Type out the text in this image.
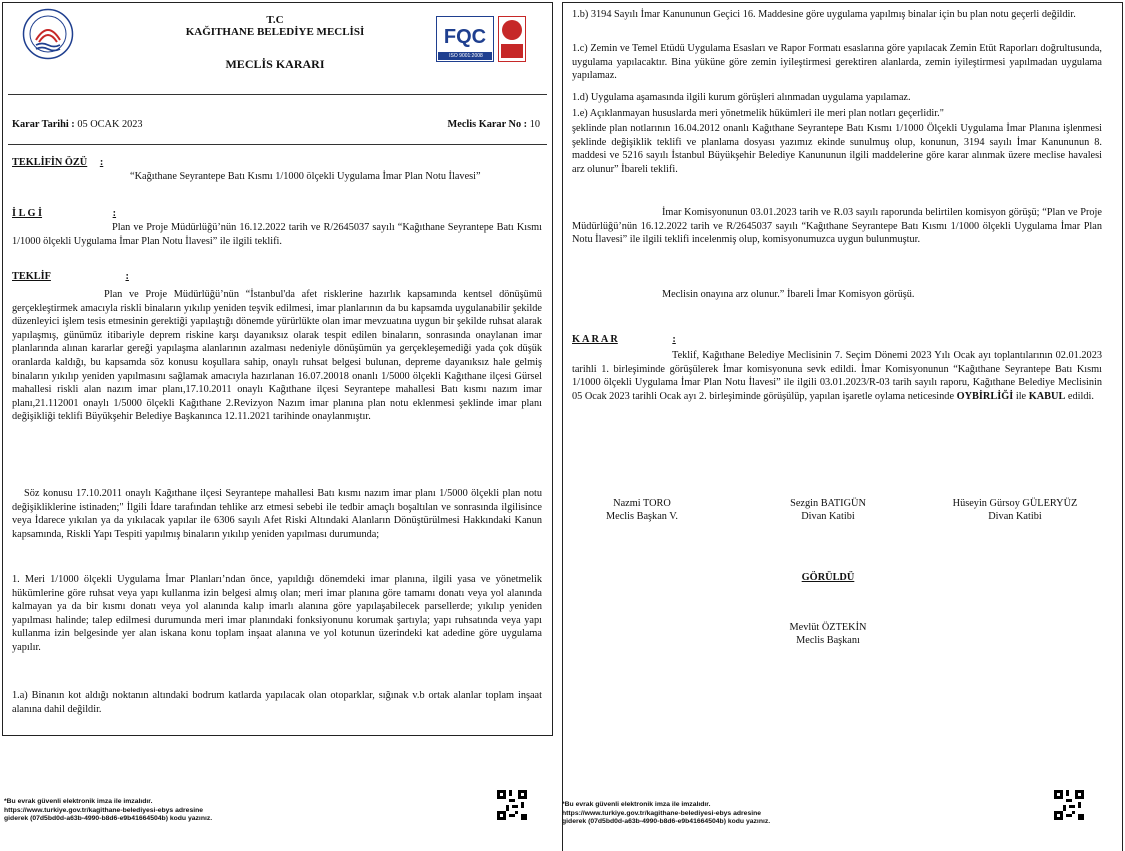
T.C
KAĞITHANE BELEDİYE MECLİSİ
MECLİS KARARI
FQC
ISO 9001:2008
Karar Tarihi : 05 OCAK 2023	Meclis Karar No : 10
TEKLİFİN ÖZÜ :
“Kağıthane Seyrantepe Batı Kısmı 1/1000 ölçekli Uygulama İmar Plan Notu İlavesi”
İ L G İ	:

Plan ve Proje Müdürlüğü’nün 16.12.2022 tarih ve R/2645037 sayılı “Kağıthane Seyrantepe Batı Kısmı 1/1000 ölçekli Uygulama İmar Plan Notu İlavesi” ile ilgili teklifi.

TEKLİF	:

Plan ve Proje Müdürlüğü’nün “İstanbul'da afet risklerine hazırlık kapsamında kentsel dönüşümü gerçekleştirmek amacıyla riskli binaların yıkılıp yeniden teşvik edilmesi, imar planlarının da bu kapsamda uygulanabilir şekilde düzenleyici işlem tesis etmesinin gerektiği yapılaştığı dönemde yürürlükte olan imar mevzuatına uygun bir şekilde ruhsat alarak yapılaşmış, günümüz itibariyle deprem riskine karşı dayanıksız olarak tespit edilen binaların, sonrasında onaylanan imar planlarında alınan kararlar gereği yapılaşma alanlarının azalması nedeniyle dönüşümün ya gerçekleşemediği yada çok düşük oranlarda kaldığı, bu kapsamda söz konusu koşullara sahip, onaylı ruhsat belgesi bulunan, depreme dayanıksız hale gelmiş binaların yıkılıp yeniden yapılmasını sağlamak amacıyla hazırlanan 16.07.20018 onanlı 1/5000 ölçekli Kağıthane ilçesi Gürsel mahallesi riskli alan nazım imar planı,17.10.2011 onaylı Kağıthane ilçesi Seyrantepe mahallesi Batı kısmı nazım imar planı,21.112001 onaylı 1/5000 ölçekli Kağıthane 2.Revizyon Nazım imar planına plan notu eklenmesi şeklinde imar planı değişikliği teklifi Büyükşehir Belediye Başkanınca 12.11.2021 tarihinde onaylanmıştır.

Söz konusu 17.10.2011 onaylı Kağıthane ilçesi Seyrantepe mahallesi Batı kısmı nazım imar planı 1/5000 ölçekli plan notu değişikliklerine istinaden;" İlgili İdare tarafından tehlike arz etmesi sebebi ile tedbir amaçlı boşaltılan ve sonrasında ilgilisince veya İdarece yıkılan ya da yıkılacak yapılar ile 6306 sayılı Afet Riski Altındaki Alanların Dönüştürülmesi Hakkındaki Kanun kapsamında, Riskli Yapı Tespiti yapılmış binaların yıkılıp yeniden yapılması durumunda;

1. Meri 1/1000 ölçekli Uygulama İmar Planları’ndan önce, yapıldığı dönemdeki imar planına, ilgili yasa ve yönetmelik hükümlerine göre ruhsat veya yapı kullanma izin belgesi almış olan; meri imar planına göre tamamı donatı veya yol alanında kalmayan ya da bir kısmı donatı veya yol alanında kalıp imarlı alanına göre yapılaşabilecek parsellerde; yıkılıp yeniden yapılması halinde; talep edilmesi durumunda meri imar planındaki fonksiyonunu korumak şartıyla; yapı ruhsatında veya yapı kullanma izin belgesinde yer alan iskana konu toplam inşaat alanına ve yol kotunun üzerindeki kat adedine göre uygulama yapılır.

1.a) Binanın kot aldığı noktanın altındaki bodrum katlarda yapılacak olan otoparklar, sığınak v.b ortak alanlar toplam inşaat alanına dahil değildir.

*Bu evrak güvenli elektronik imza ile imzalıdır.
https://www.turkiye.gov.tr/kagithane-belediyesi-ebys adresine
giderek (07d5bd0d-a63b-4990-b8d6-e9b41664504b) kodu yazınız.

1.b) 3194 Sayılı İmar Kanununun Geçici 16. Maddesine göre uygulama yapılmış binalar için bu plan notu geçerli değildir.

1.c) Zemin ve Temel Etüdü Uygulama Esasları ve Rapor Formatı esaslarına göre yapılacak Zemin Etüt Raporları doğrultusunda, uygulama yapılacaktır. Bina yüküne göre zemin iyileştirmesi gerektiren alanlarda, zemin iyileştirmesi yapılmadan uygulama yapılamaz.

1.d) Uygulama aşamasında ilgili kurum görüşleri alınmadan uygulama yapılamaz.

1.e) Açıklanmayan hususlarda meri yönetmelik hükümleri ile meri plan notları geçerlidir."

şeklinde plan notlarının 16.04.2012 onanlı Kağıthane Seyrantepe Batı Kısmı 1/1000 Ölçekli Uygulama İmar Planına işlenmesi şeklinde değişiklik teklifi ve planlama dosyası yazımız ekinde sunulmuş olup, konunun, 3194 sayılı İmar Kanununun 8. maddesi ve 5216 sayılı İstanbul Büyükşehir Belediye Kanununun ilgili maddelerine göre karar alınmak üzere meclise havalesi arz olunur” İbareli teklifi.

İmar Komisyonunun 03.01.2023 tarih ve R.03 sayılı raporunda belirtilen komisyon görüşü; “Plan ve Proje Müdürlüğü’nün 16.12.2022 tarih ve R/2645037 sayılı “Kağıthane Seyrantepe Batı Kısmı 1/1000 ölçekli Uygulama İmar Plan Notu İlavesi” ile ilgili teklifi incelenmiş olup, komisyonumuzca uygun bulunmuştur.

Meclisin onayına arz olunur.” İbareli İmar Komisyon görüşü.
K A R A R	:

Teklif, Kağıthane Belediye Meclisinin 7. Seçim Dönemi 2023 Yılı Ocak ayı toplantılarının 02.01.2023 tarihli 1. birleşiminde görüşülerek İmar komisyonuna sevk edildi. İmar Komisyonunun “Kağıthane Seyrantepe Batı Kısmı 1/1000 ölçekli Uygulama İmar Plan Notu İlavesi” ile ilgili 03.01.2023/R-03 tarih sayılı raporu, Kağıthane Belediye Meclisinin 05 Ocak 2023 tarihli Ocak ayı 2. birleşiminde görüşülüp, yapılan işaretle oylama neticesinde OYBİRLİĞİ ile KABUL edildi.

Nazmi TORO
Meclis Başkan V.
Sezgin BATIGÜN
Divan Katibi
Hüseyin Gürsoy GÜLERYÜZ
Divan Katibi
GÖRÜLDÜ
Mevlüt ÖZTEKİN
Meclis Başkanı
*Bu evrak güvenli elektronik imza ile imzalıdır.
https://www.turkiye.gov.tr/kagithane-belediyesi-ebys adresine
giderek (07d5bd0d-a63b-4990-b8d6-e9b41664504b) kodu yazınız.
